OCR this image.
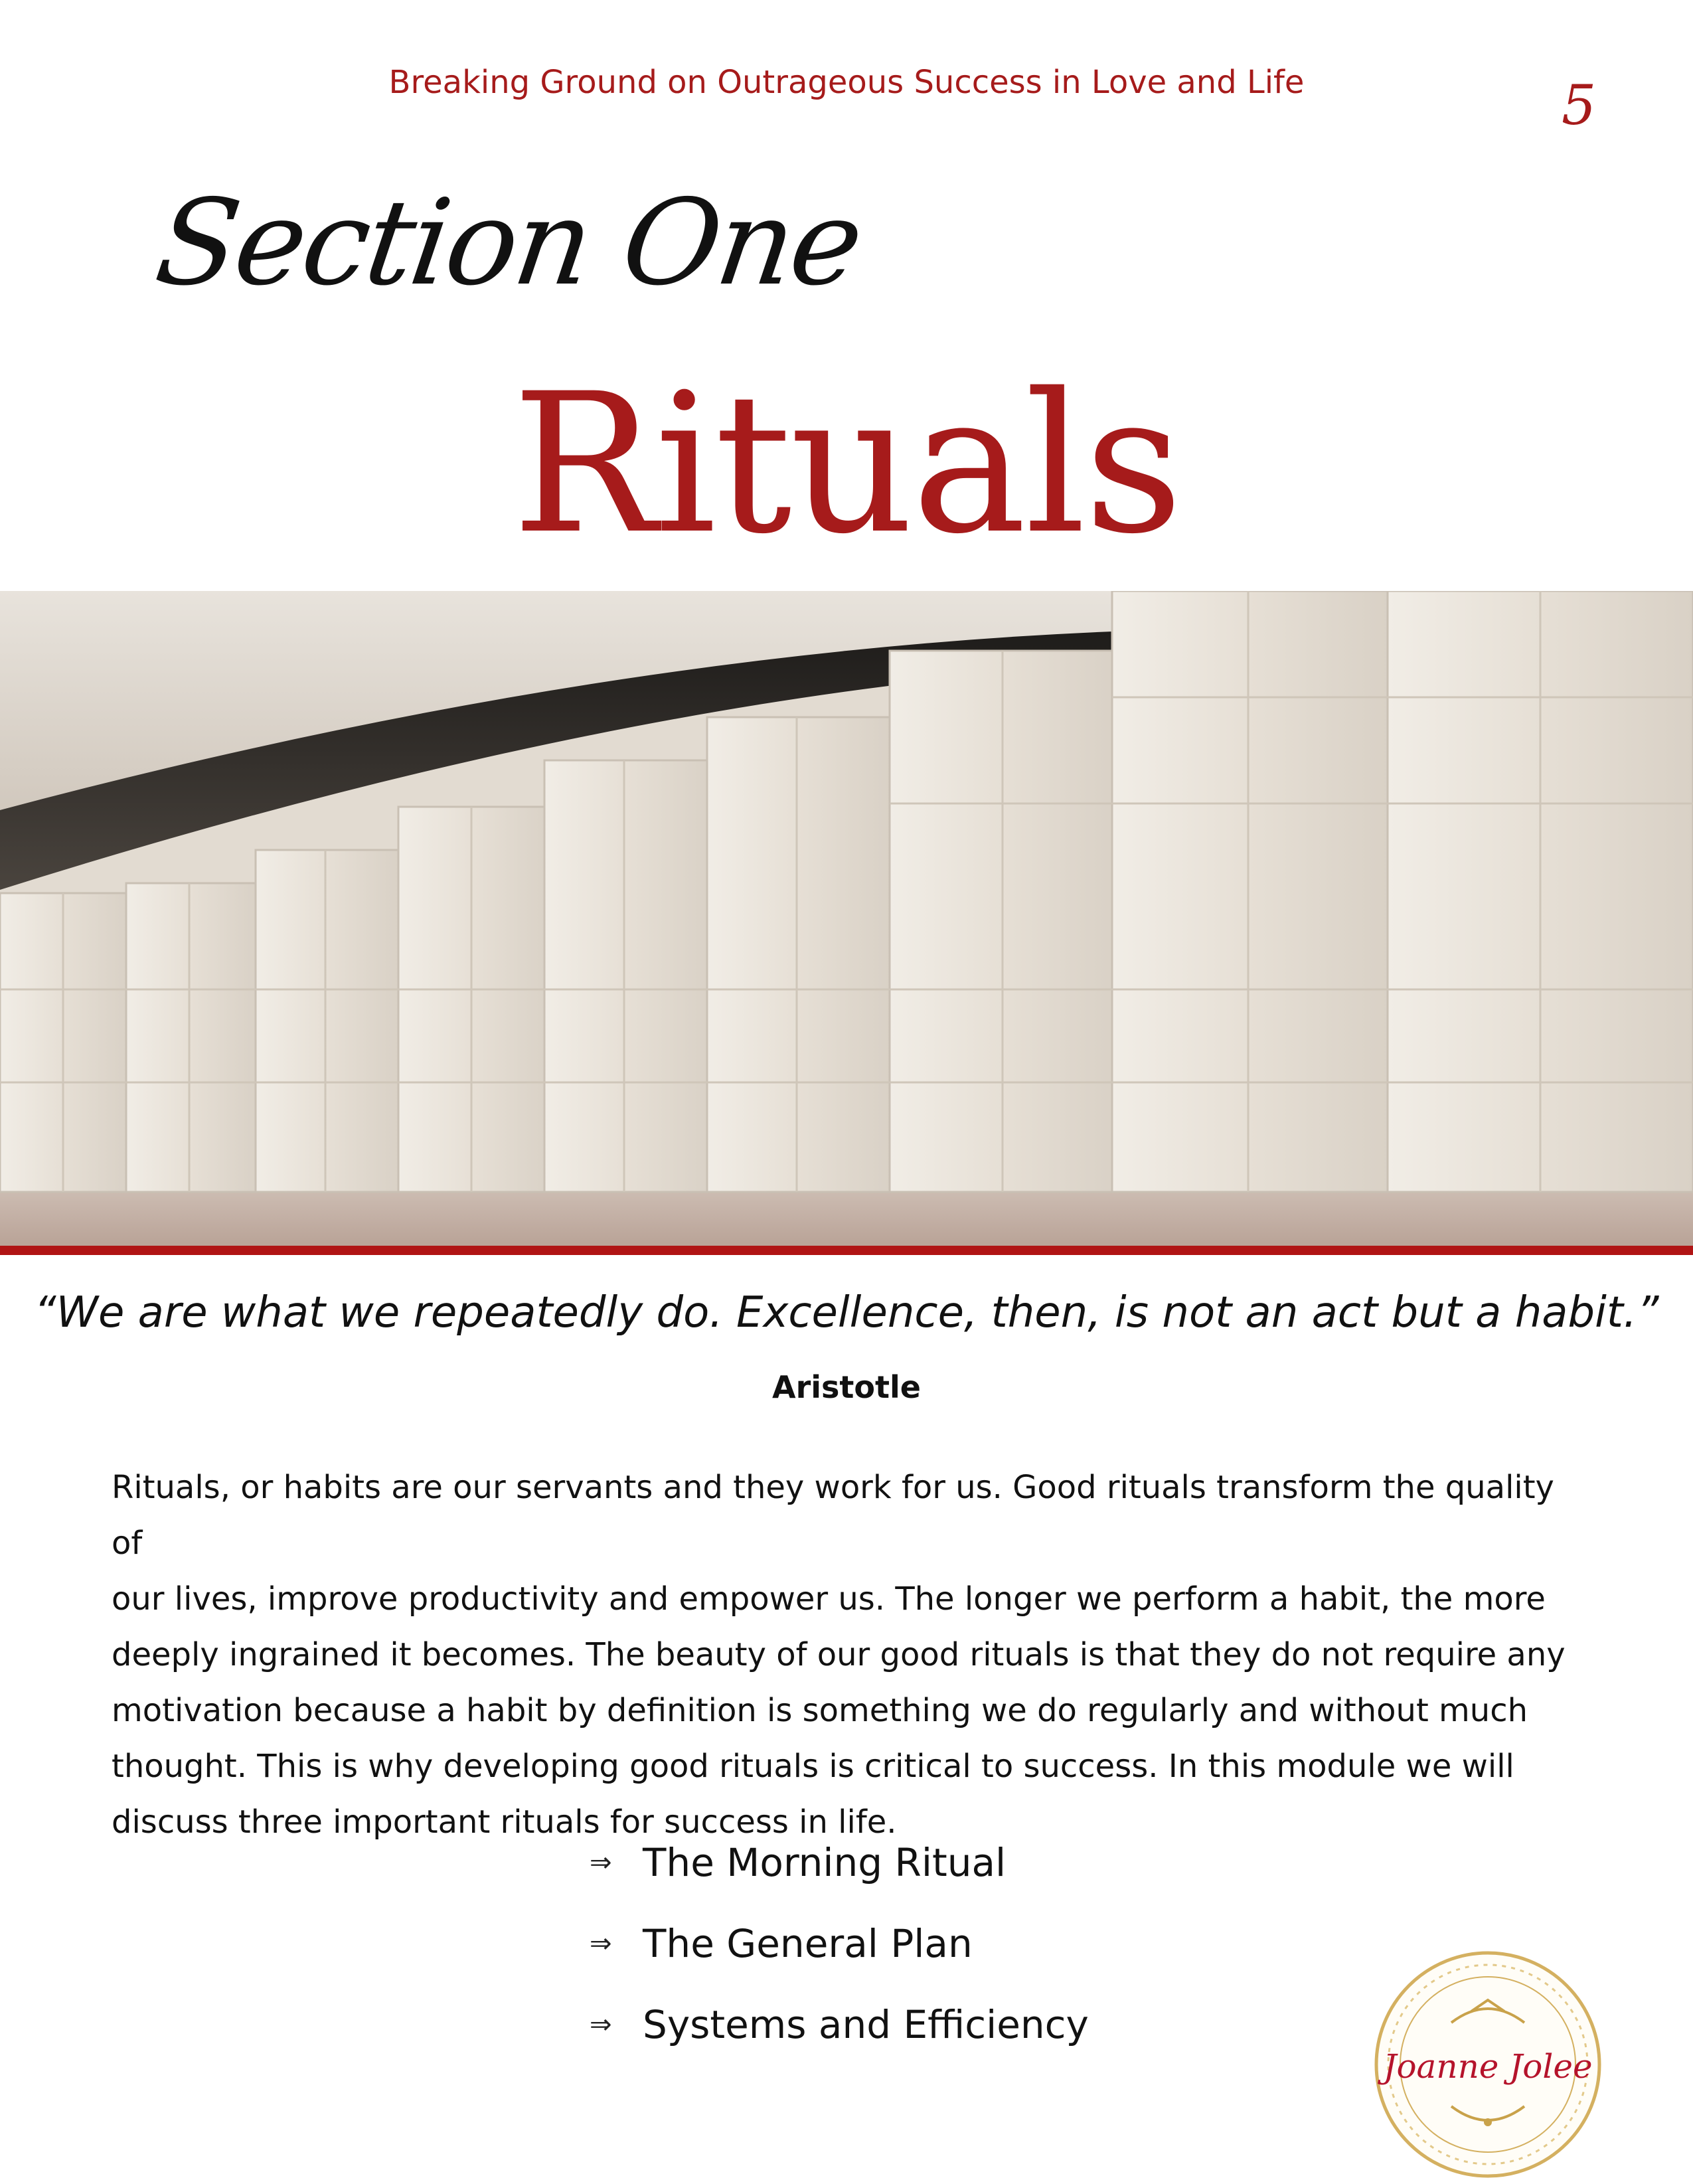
Breaking Ground on Outrageous Success in Love and Life	5
Section One
Rituals
“We are what we repeatedly do. Excellence, then, is not an act but a habit.”
Aristotle
Rituals, or habits are our servants and they work for us. Good rituals transform the quality of
our lives, improve productivity and empower us. The longer we perform a habit, the more
deeply ingrained it becomes. The beauty of our good rituals is that they do not require any
motivation because a habit by definition is something we do regularly and without much
thought. This is why developing good rituals is critical to success. In this module we will
discuss three important rituals for success in life.
⇒ The Morning Ritual
⇒ The General Plan
⇒ Systems and Efficiency
Joanne Jolee
